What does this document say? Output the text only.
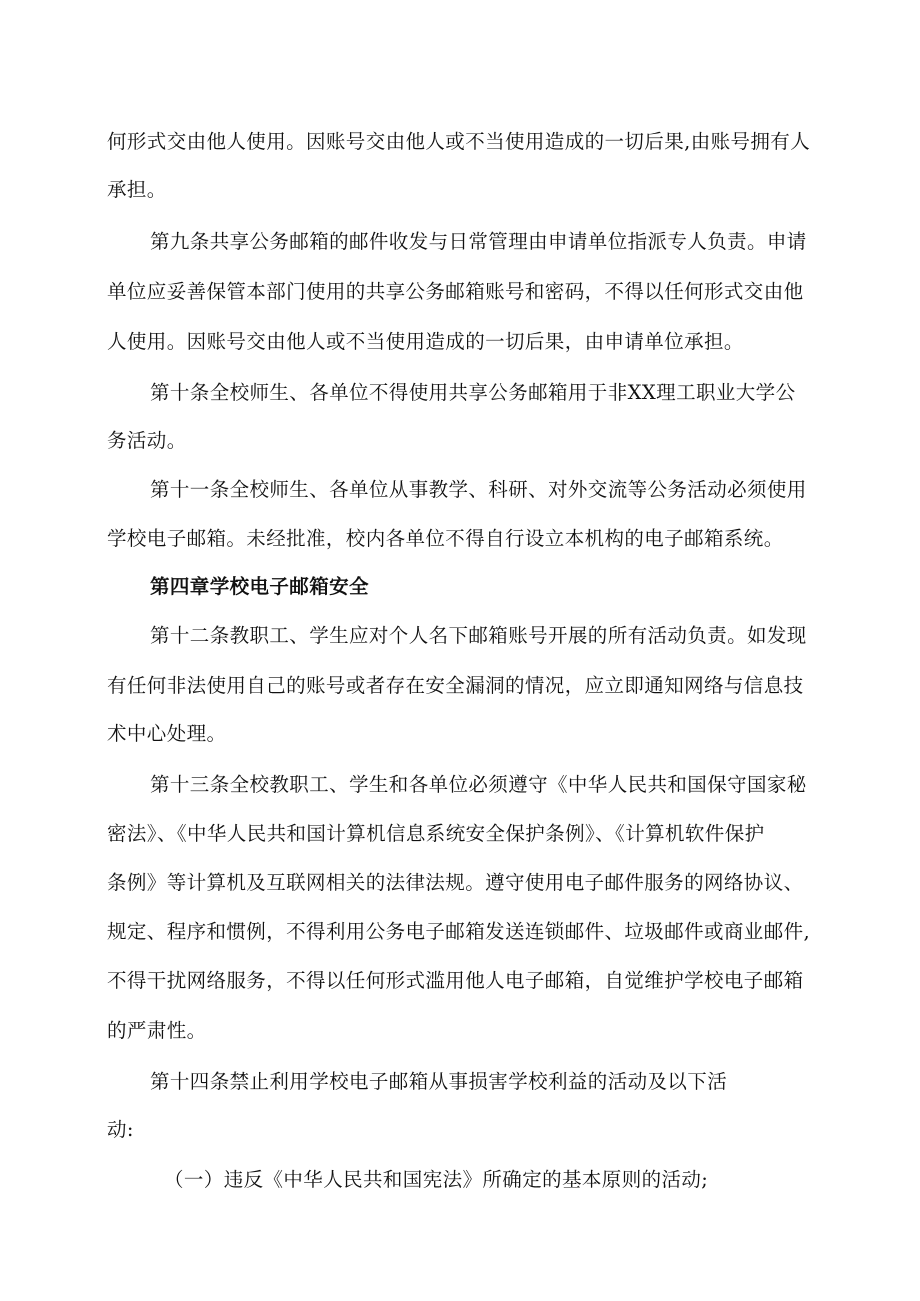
何形式交由他人使用。因账号交由他人或不当使用造成的一切后果,由账号拥有人
承担。
第九条共享公务邮箱的邮件收发与日常管理由申请单位指派专人负责。申请
单位应妥善保管本部门使用的共享公务邮箱账号和密码，不得以任何形式交由他
人使用。因账号交由他人或不当使用造成的一切后果，由申请单位承担。
第十条全校师生、各单位不得使用共享公务邮箱用于非XX理工职业大学公
务活动。
第十一条全校师生、各单位从事教学、科研、对外交流等公务活动必须使用
学校电子邮箱。未经批准，校内各单位不得自行设立本机构的电子邮箱系统。
第四章学校电子邮箱安全
第十二条教职工、学生应对个人名下邮箱账号开展的所有活动负责。如发现
有任何非法使用自己的账号或者存在安全漏洞的情况，应立即通知网络与信息技
术中心处理。
第十三条全校教职工、学生和各单位必须遵守《中华人民共和国保守国家秘
密法》、《中华人民共和国计算机信息系统安全保护条例》、《计算机软件保护
条例》等计算机及互联网相关的法律法规。遵守使用电子邮件服务的网络协议、
规定、程序和惯例，不得利用公务电子邮箱发送连锁邮件、垃圾邮件或商业邮件,
不得干扰网络服务，不得以任何形式滥用他人电子邮箱，自觉维护学校电子邮箱
的严肃性。
第十四条禁止利用学校电子邮箱从事损害学校利益的活动及以下活
动:
（一）违反《中华人民共和国宪法》所确定的基本原则的活动;
